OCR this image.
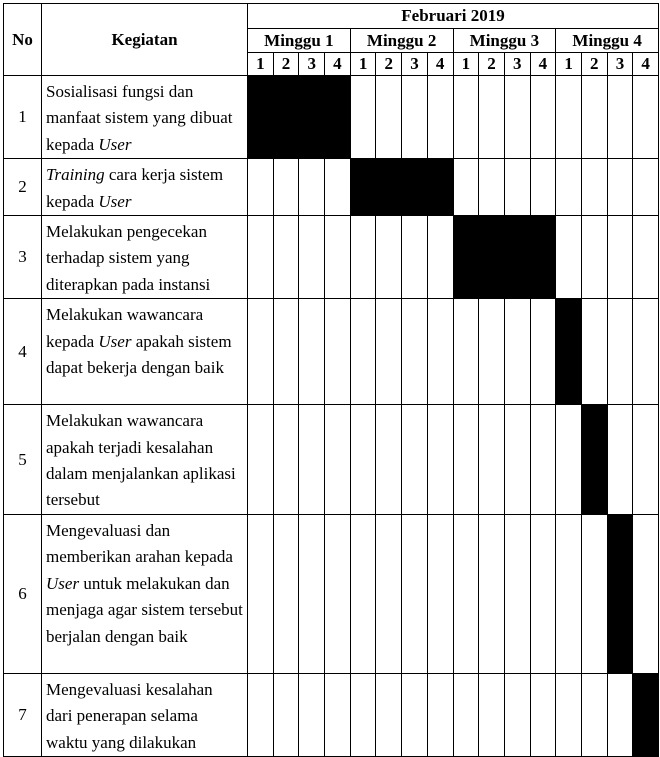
No	Kegiatan	Februari 2019															
		Minggu 1				Minggu 2				Minggu 3				Minggu 4			
		1	2	3	4	1	2	3	4	1	2	3	4	1	2	3	4
1	Sosialisasi fungsi dan manfaat sistem yang dibuat kepada User																
2	Training cara kerja sistem kepada User																
3	Melakukan pengecekan terhadap sistem yang diterapkan pada instansi																
4	Melakukan wawancara kepada User apakah sistem dapat bekerja dengan baik																
5	Melakukan wawancara apakah terjadi kesalahan dalam menjalankan aplikasi tersebut																
6	Mengevaluasi dan memberikan arahan kepada User untuk melakukan dan menjaga agar sistem tersebut berjalan dengan baik																
7	Mengevaluasi kesalahan dari penerapan selama waktu yang dilakukan																
